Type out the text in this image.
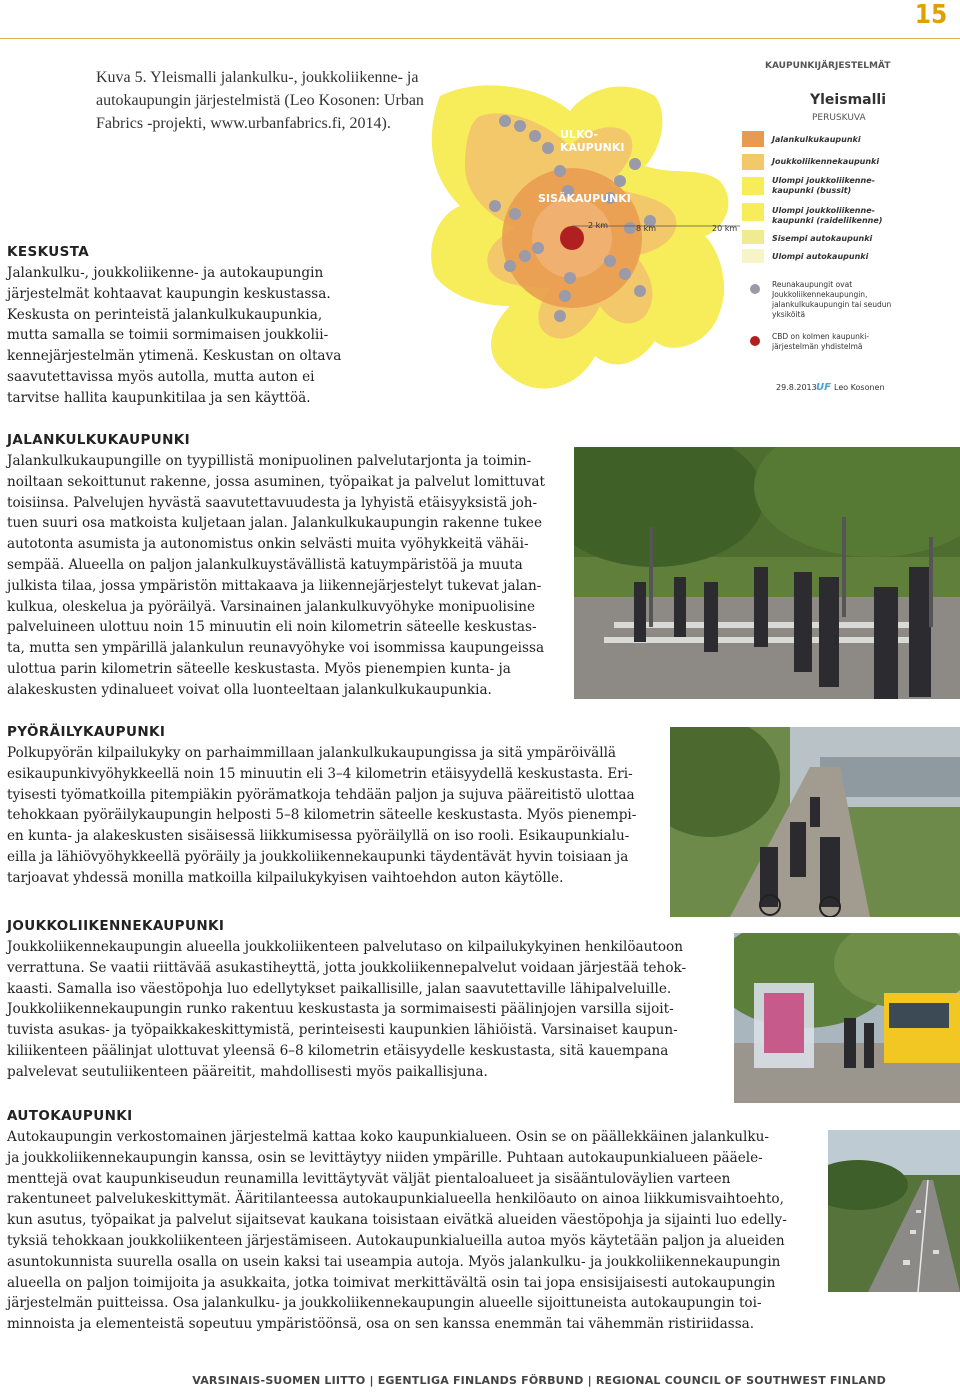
15
Kuva 5. Yleismalli jalankulku-, joukkoliikenne- ja autokaupungin järjestelmistä (Leo Kosonen: Urban Fabrics -projekti, www.urbanfabrics.fi, 2014).
2 km	8 km	20 km
ULKO-
KAUPUNKI
SISÄKAUPUNKI
KAUPUNKIJÄRJESTELMÄT
Yleismalli
PERUSKUVA
Jalankulkukaupunki
Joukkoliikennekaupunki
Ulompi joukkoliikenne-
kaupunki (bussit)
Ulompi joukkoliikenne-
kaupunki (raideliikenne)
Sisempi autokaupunki
Ulompi autokaupunki
Reunakaupungit ovat
Joukkoliikennekaupungin,
jalankulkukaupungin tai seudun
yksiköitä
CBD on kolmen kaupunki-
järjestelmän yhdistelmä
29.8.2013 UF Leo Kosonen
KESKUSTA

Jalankulku-, joukkoliikenne- ja autokaupungin

järjestelmät kohtaavat kaupungin keskustassa.

Keskusta on perinteistä jalankulkukaupunkia,

mutta samalla se toimii sormimaisen joukkolii-

kennejärjestelmän ytimenä. Keskustan on oltava

saavutettavissa myös autolla, mutta auton ei

tarvitse hallita kaupunkitilaa ja sen käyttöä.

JALANKULKUKAUPUNKI

Jalankulkukaupungille on tyypillistä monipuolinen palvelutarjonta ja toimin-

noiltaan sekoittunut rakenne, jossa asuminen, työpaikat ja palvelut lomittuvat

toisiinsa. Palvelujen hyvästä saavutettavuudesta ja lyhyistä etäisyyksistä joh-

tuen suuri osa matkoista kuljetaan jalan. Jalankulkukaupungin rakenne tukee

autotonta asumista ja autonomistus onkin selvästi muita vyöhykkeitä vähäi-

sempää. Alueella on paljon jalankulkuystävällistä katuympäristöä ja muuta

julkista tilaa, jossa ympäristön mittakaava ja liikennejärjestelyt tukevat jalan-

kulkua, oleskelua ja pyöräilyä. Varsinainen jalankulkuvyöhyke monipuolisine

palveluineen ulottuu noin 15 minuutin eli noin kilometrin säteelle keskustas-

ta, mutta sen ympärillä jalankulun reunavyöhyke voi isommissa kaupungeissa

ulottua parin kilometrin säteelle keskustasta. Myös pienempien kunta- ja

alakeskusten ydinalueet voivat olla luonteeltaan jalankulkukaupunkia.

PYÖRÄILYKAUPUNKI

Polkupyörän kilpailukyky on parhaimmillaan jalankulkukaupungissa ja sitä ympäröivällä

esikaupunkivyöhykkeellä noin 15 minuutin eli 3–4 kilometrin etäisyydellä keskustasta. Eri-

tyisesti työmatkoilla pitempiäkin pyörämatkoja tehdään paljon ja sujuva pääreitistö ulottaa

tehokkaan pyöräilykaupungin helposti 5–8 kilometrin säteelle keskustasta. Myös pienempi-

en kunta- ja alakeskusten sisäisessä liikkumisessa pyöräilyllä on iso rooli. Esikaupunkialu-

eilla ja lähiövyöhykkeellä pyöräily ja joukkoliikennekaupunki täydentävät hyvin toisiaan ja

tarjoavat yhdessä monilla matkoilla kilpailukykyisen vaihtoehdon auton käytölle.

JOUKKOLIIKENNEKAUPUNKI

Joukkoliikennekaupungin alueella joukkoliikenteen palvelutaso on kilpailukykyinen henkilöautoon

verrattuna. Se vaatii riittävää asukastiheyttä, jotta joukkoliikennepalvelut voidaan järjestää tehok-

kaasti. Samalla iso väestöpohja luo edellytykset paikallisille, jalan saavutettaville lähipalveluille.

Joukkoliikennekaupungin runko rakentuu keskustasta ja sormimaisesti päälinjojen varsilla sijoit-

tuvista asukas- ja työpaikkakeskittymistä, perinteisesti kaupunkien lähiöistä. Varsinaiset kaupun-

kiliikenteen päälinjat ulottuvat yleensä 6–8 kilometrin etäisyydelle keskustasta, sitä kauempana

palvelevat seutuliikenteen pääreitit, mahdollisesti myös paikallisjuna.

AUTOKAUPUNKI

Autokaupungin verkostomainen järjestelmä kattaa koko kaupunkialueen. Osin se on päällekkäinen jalankulku-

ja joukkoliikennekaupungin kanssa, osin se levittäytyy niiden ympärille. Puhtaan autokaupunkialueen pääele-

menttejä ovat kaupunkiseudun reunamilla levittäytyvät väljät pientaloalueet ja sisääntuloväylien varteen

rakentuneet palvelukeskittymät. Ääritilanteessa autokaupunkialueella henkilöauto on ainoa liikkumisvaihtoehto,

kun asutus, työpaikat ja palvelut sijaitsevat kaukana toisistaan eivätkä alueiden väestöpohja ja sijainti luo edelly-

tyksiä tehokkaan joukkoliikenteen järjestämiseen. Autokaupunkialueilla autoa myös käytetään paljon ja alueiden

asuntokunnista suurella osalla on usein kaksi tai useampia autoja. Myös jalankulku- ja joukkoliikennekaupungin

alueella on paljon toimijoita ja asukkaita, jotka toimivat merkittävältä osin tai jopa ensisijaisesti autokaupungin

järjestelmän puitteissa. Osa jalankulku- ja joukkoliikennekaupungin alueelle sijoittuneista autokaupungin toi-

minnoista ja elementeistä sopeutuu ympäristöönsä, osa on sen kanssa enemmän tai vähemmän ristiriidassa.

VARSINAIS-SUOMEN LIITTO | EGENTLIGA FINLANDS FÖRBUND | REGIONAL COUNCIL OF SOUTHWEST FINLAND
